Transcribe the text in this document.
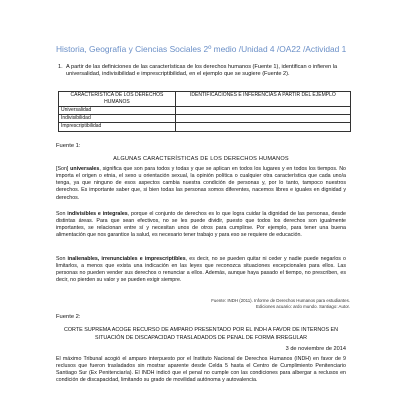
Historia, Geografía y Ciencias Sociales 2º medio /Unidad 4 /OA22 /Actividad 1
1. A partir de las definiciones de las características de los derechos humanos (Fuente 1), identifican o infieren la universalidad, indivisibilidad e imprescriptibilidad, en el ejemplo que se sugiere (Fuente 2).
CARACTERÍSTICA DE LOS DERECHOS HUMANOS	IDENTIFICACIONES E INFERENCIAS A PARTIR DEL EJEMPLO
Universalidad	
Indivisibilidad	
Imprescriptibilidad	
Fuente 1:
ALGUNAS CARACTERÍSTICAS DE LOS DERECHOS HUMANOS
[Son] universales, significa que son para todos y todas y que se aplican en todos los lugares y en todos los tiempos. No importa el origen o etnia, el sexo u orientación sexual, la opinión política o cualquier otra característica que cada uno/a tenga, ya que ninguno de esos aspectos cambia nuestra condición de personas y, por lo tanto, tampoco nuestros derechos. Es importante saber que, si bien todas las personas somos diferentes, nacemos libres e iguales en dignidad y derechos.
Son indivisibles e integrales, porque el conjunto de derechos es lo que logra cuidar la dignidad de las personas, desde distintas áreas. Para que sean efectivos, no se les puede dividir, puesto que todos los derechos son igualmente importantes, se relacionan entre sí y necesitan unos de otros para cumplirse. Por ejemplo, para tener una buena alimentación que nos garantice la salud, es necesario tener trabajo y para eso se requiere de educación.
Son inalienables, irrenunciables e imprescriptibles, es decir, no se pueden quitar ni ceder y nadie puede negarlos o limitarlos, a menos que exista una indicación en las leyes que reconozca situaciones excepcionales para ellos. Las personas no pueden vender sus derechos o renunciar a ellos. Además, aunque haya pasado el tiempo, no prescriben, es decir, no pierden su valor y se pueden exigir siempre.
Fuente: INDH (2011). Informe de Derechos Humanos para estudiantes.
Ediciones acuario: ardo mundo. Santiago: Autor.
Fuente 2:
CORTE SUPREMA ACOGE RECURSO DE AMPARO PRESENTADO POR EL INDH A FAVOR DE INTERNOS EN SITUACIÓN DE DISCAPACIDAD TRASLADADOS DE PENAL DE FORMA IRREGULAR
3 de noviembre de 2014
El máximo Tribunal acogió el amparo interpuesto por el Instituto Nacional de Derechos Humanos (INDH) en favor de 9 reclusos que fueron trasladados sin mostrar aparente desde Celda 5 hasta el Centro de Cumplimiento Penitenciario Santiago Sur (Ex Penitenciaría). El INDH indicó que el penal no cumple con las condiciones para albergar a reclusos en condición de discapacidad, limitando su grado de movilidad autónoma y autovalencia.
